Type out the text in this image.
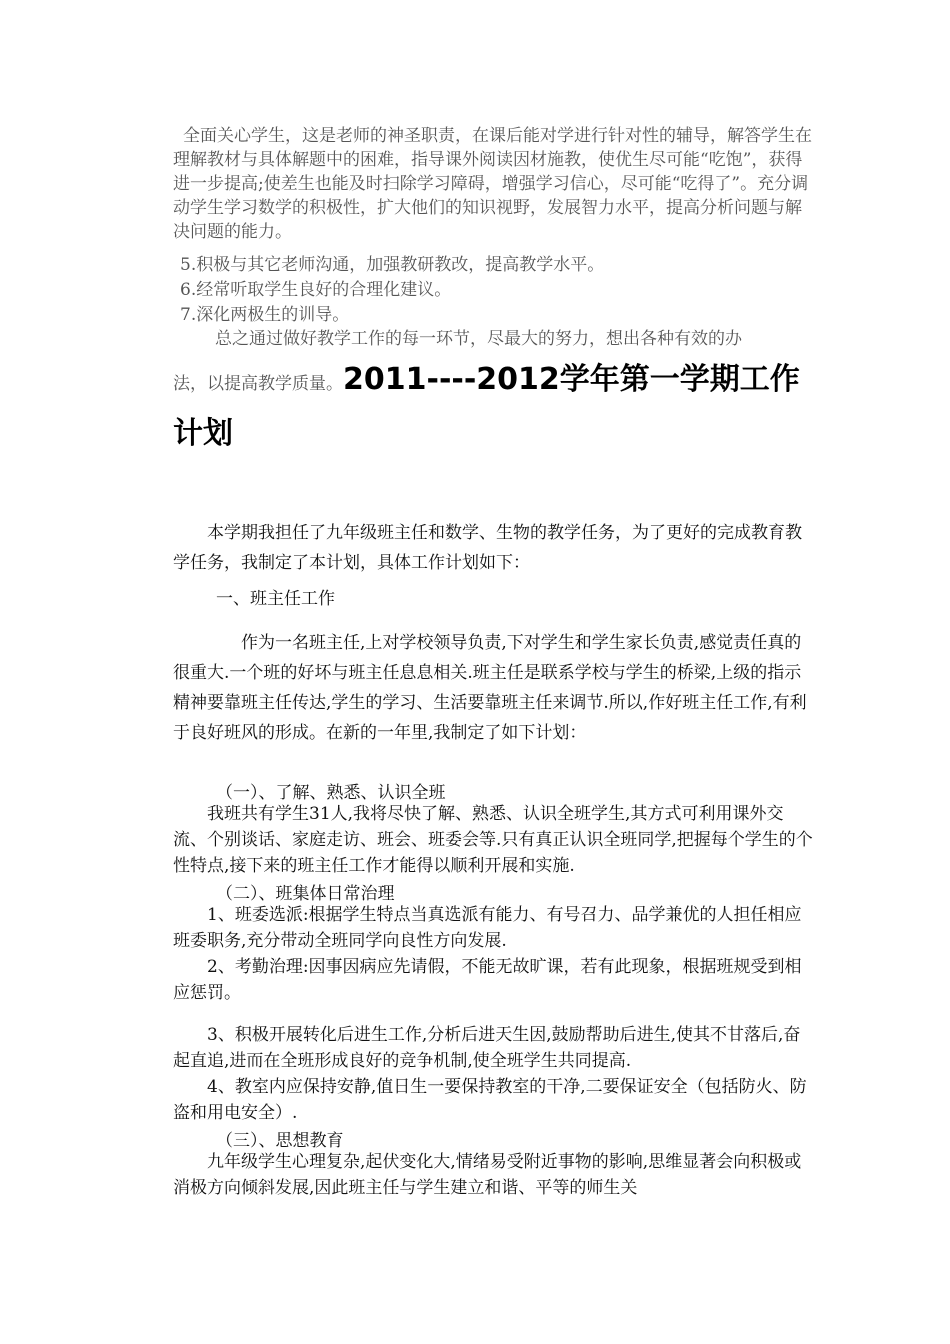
全面关心学生，这是老师的神圣职责，在课后能对学进行针对性的辅导，解答学生在理解教材与具体解题中的困难，指导课外阅读因材施教，使优生尽可能“吃饱”，获得进一步提高;使差生也能及时扫除学习障碍，增强学习信心，尽可能“吃得了”。充分调动学生学习数学的积极性，扩大他们的知识视野，发展智力水平，提高分析问题与解决问题的能力。
5.积极与其它老师沟通，加强教研教改，提高教学水平。
6.经常听取学生良好的合理化建议。
7.深化两极生的训导。
总之通过做好教学工作的每一环节，尽最大的努力，想出各种有效的办
法，以提高教学质量。2011----2012学年第一学期工作计划
本学期我担任了九年级班主任和数学、生物的教学任务，为了更好的完成教育教学任务，我制定了本计划，具体工作计划如下：
一、班主任工作
作为一名班主任,上对学校领导负责,下对学生和学生家长负责,感觉责任真的很重大.一个班的好坏与班主任息息相关.班主任是联系学校与学生的桥梁,上级的指示精神要靠班主任传达,学生的学习、生活要靠班主任来调节.所以,作好班主任工作,有利于良好班风的形成。在新的一年里,我制定了如下计划：
（一）、了解、熟悉、认识全班
我班共有学生31人,我将尽快了解、熟悉、认识全班学生,其方式可利用课外交流、个别谈话、家庭走访、班会、班委会等.只有真正认识全班同学,把握每个学生的个性特点,接下来的班主任工作才能得以顺利开展和实施.
（二）、班集体日常治理
1、班委选派:根据学生特点当真选派有能力、有号召力、品学兼优的人担任相应班委职务,充分带动全班同学向良性方向发展.
2、考勤治理:因事因病应先请假，不能无故旷课，若有此现象，根据班规受到相应惩罚。
3、积极开展转化后进生工作,分析后进天生因,鼓励帮助后进生,使其不甘落后,奋起直追,进而在全班形成良好的竞争机制,使全班学生共同提高.
4、教室内应保持安静,值日生一要保持教室的干净,二要保证安全（包括防火、防盗和用电安全）.
（三）、思想教育
九年级学生心理复杂,起伏变化大,情绪易受附近事物的影响,思维显著会向积极或消极方向倾斜发展,因此班主任与学生建立和谐、平等的师生关
